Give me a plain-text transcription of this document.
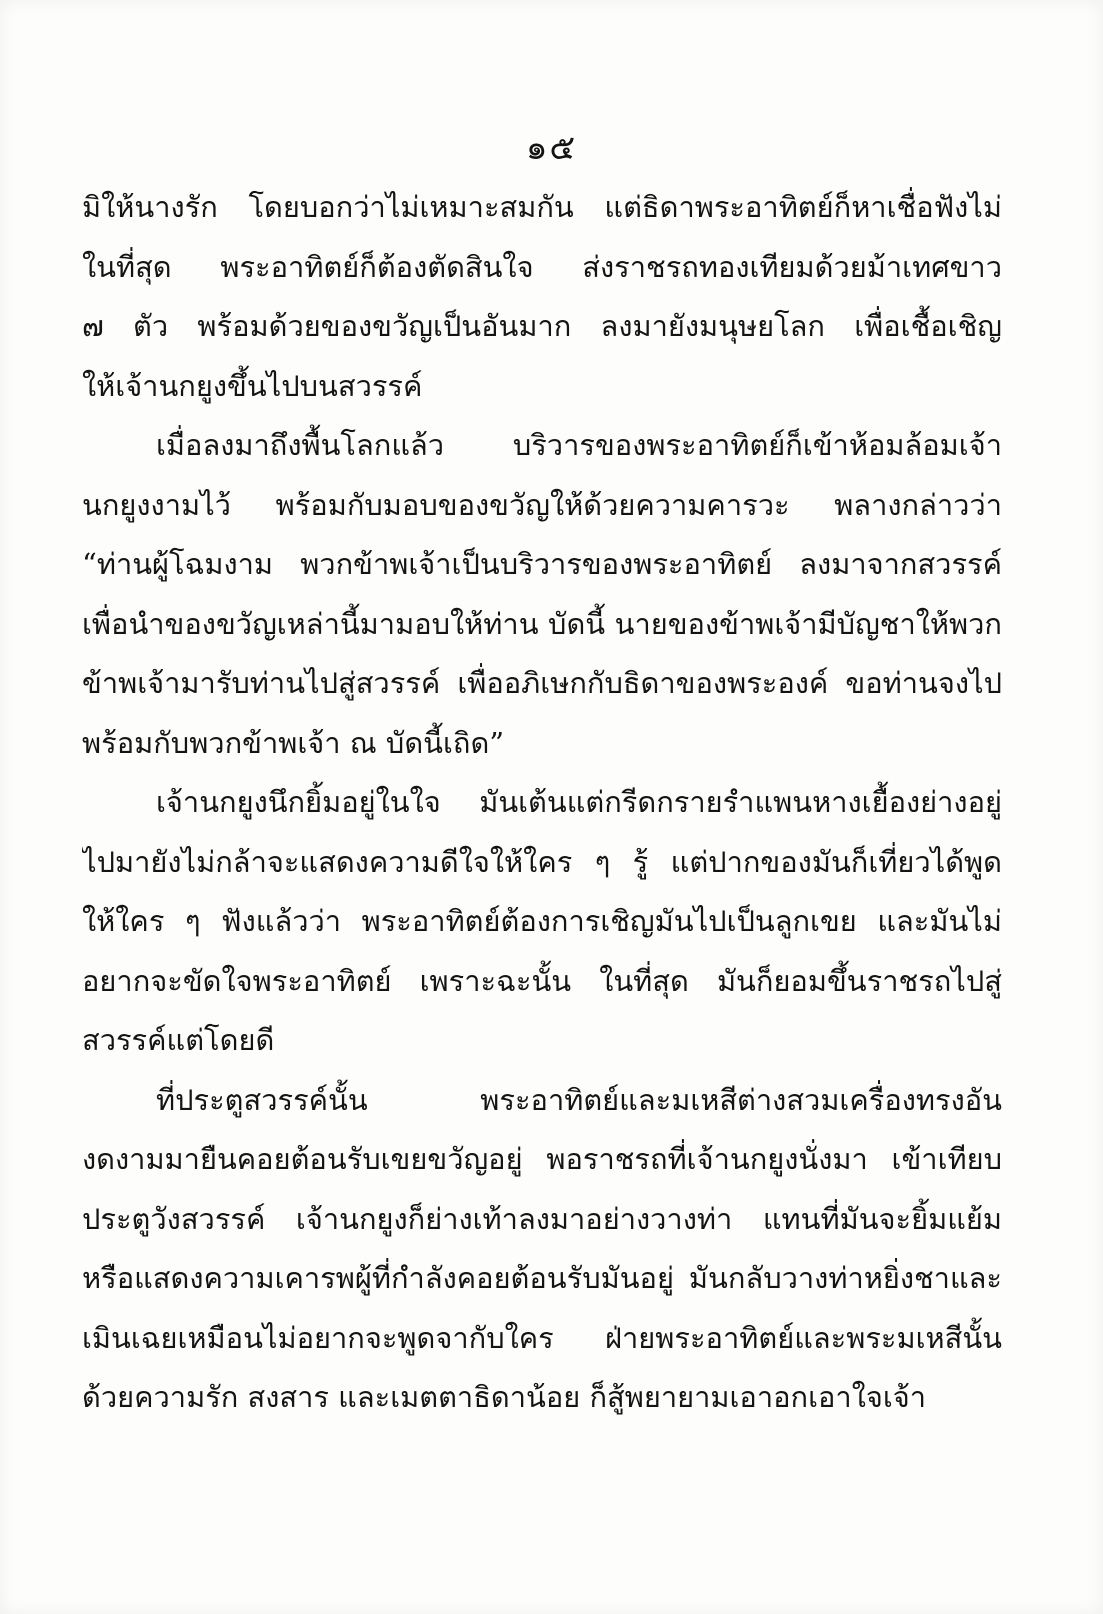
๑๕
มิให้นางรัก โดยบอกว่าไม่เหมาะสมกัน แต่ธิดาพระอาทิตย์ก็หาเชื่อฟังไม่
ในที่สุด พระอาทิตย์ก็ต้องตัดสินใจ ส่งราชรถทองเทียมด้วยม้าเทศขาว
๗ ตัว พร้อมด้วยของขวัญเป็นอันมาก ลงมายังมนุษยโลก เพื่อเชื้อเชิญ
ให้เจ้านกยูงขึ้นไปบนสวรรค์
เมื่อลงมาถึงพื้นโลกแล้ว บริวารของพระอาทิตย์ก็เข้าห้อมล้อมเจ้า
นกยูงงามไว้ พร้อมกับมอบของขวัญให้ด้วยความคารวะ พลางกล่าวว่า
“ท่านผู้โฉมงาม พวกข้าพเจ้าเป็นบริวารของพระอาทิตย์ ลงมาจากสวรรค์
เพื่อนำของขวัญเหล่านี้มามอบให้ท่าน บัดนี้ นายของข้าพเจ้ามีบัญชาให้พวก
ข้าพเจ้ามารับท่านไปสู่สวรรค์ เพื่ออภิเษกกับธิดาของพระองค์ ขอท่านจงไป
พร้อมกับพวกข้าพเจ้า ณ บัดนี้เถิด”
เจ้านกยูงนึกยิ้มอยู่ในใจ มันเต้นแต่กรีดกรายรำแพนหางเยื้องย่างอยู่
ไปมายังไม่กล้าจะแสดงความดีใจให้ใคร ๆ รู้ แต่ปากของมันก็เที่ยวได้พูด
ให้ใคร ๆ ฟังแล้วว่า พระอาทิตย์ต้องการเชิญมันไปเป็นลูกเขย และมันไม่
อยากจะขัดใจพระอาทิตย์ เพราะฉะนั้น ในที่สุด มันก็ยอมขึ้นราชรถไปสู่
สวรรค์แต่โดยดี
ที่ประตูสวรรค์นั้น พระอาทิตย์และมเหสีต่างสวมเครื่องทรงอัน
งดงามมายืนคอยต้อนรับเขยขวัญอยู่ พอราชรถที่เจ้านกยูงนั่งมา เข้าเทียบ
ประตูวังสวรรค์ เจ้านกยูงก็ย่างเท้าลงมาอย่างวางท่า แทนที่มันจะยิ้มแย้ม
หรือแสดงความเคารพผู้ที่กำลังคอยต้อนรับมันอยู่ มันกลับวางท่าหยิ่งชาและ
เมินเฉยเหมือนไม่อยากจะพูดจากับใคร ฝ่ายพระอาทิตย์และพระมเหสีนั้น
ด้วยความรัก สงสาร และเมตตาธิดาน้อย ก็สู้พยายามเอาอกเอาใจเจ้า
